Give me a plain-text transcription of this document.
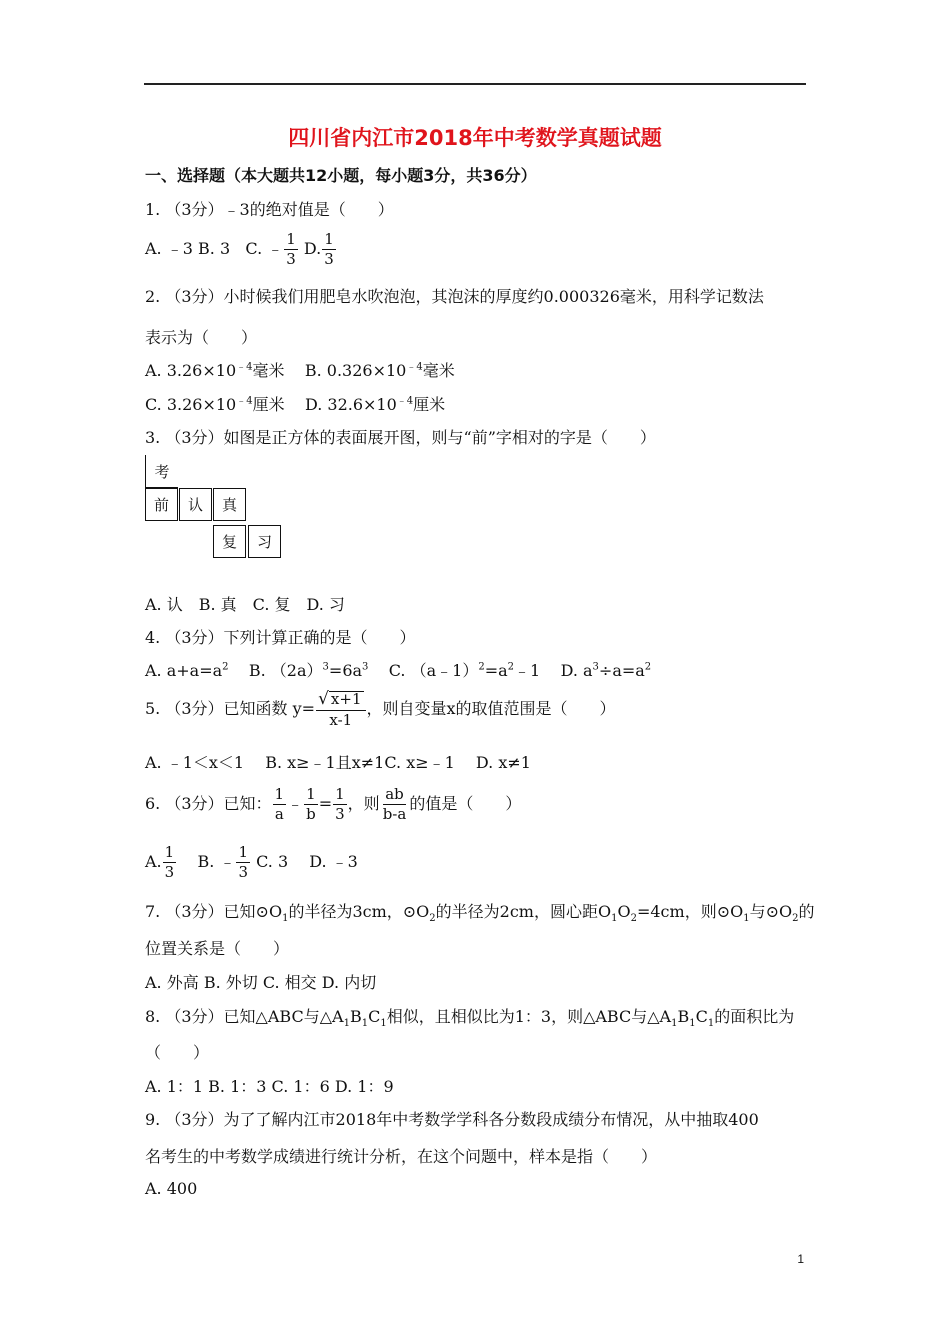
四川省内江市2018年中考数学真题试题
一、选择题（本大题共12小题，每小题3分，共36分）
1. （3分）﹣3的绝对值是（　　）
A. ﹣3 B. 3 C. ﹣ $\frac{1}{3} D$. $\frac{1}{3}$
2. （3分）小时候我们用肥皂水吹泡泡，其泡沫的厚度约0.000326毫米，用科学记数法
表示为（　　）
A. $3.26\times 10^{﹣4}$毫米 B. $0.326\times 10^{﹣4}$毫米
C. $3.26\times 10^{﹣4}$厘米 D. $32.6\times 10^{﹣4}$厘米
3. （3分）如图是正方体的表面展开图，则与“前”字相对的字是（　　）
考
前	认	真
复	习
A. 认　B. 真　C. 复　D. 习
4. （3分）下列计算正确的是（　　）
A. $a+a=a^2$ B. $(2a)^3=6a^3$ C. $(a﹣1)^2=a^2﹣1$ D. $a^3\div a=a^2$
5. （3分）已知函数 $y= \frac{√ x+1}{x-1}$ ，则自变量x的取值范围是（　　）
A. ﹣1＜x＜1　 B. x≥﹣1且x≠1C. x≥﹣1　 D. x≠1
6. （3分）已知： $\frac{1}{a}$ ﹣ $\frac{1}{b} = \frac{1}{3}$ ，则 $\frac{ab}{b-a}$ 的值是（　　）
A. $\frac{1}{3} B$. ﹣ $\frac{1}{3} C$. 3　 D. ﹣3
7. （3分）已知$⊙O_1$的半径为3cm，$⊙O_2$的半径为2cm，圆心距$O_1O_2=4cm$，则$⊙O_1$与$⊙O_2$的
位置关系是（　　）
A. 外高 B. 外切 C. 相交 D. 内切
8. （3分）已知△ABC与$\triangle A_1B_1C_1$相似，且相似比为1：3，则△ABC与$\triangle A_1B_1C_1$的面积比为
（　　）
A. 1：1 B. 1：3 C. 1：6 D. 1：9
9. （3分）为了了解内江市2018年中考数学学科各分数段成绩分布情况，从中抽取400
名考生的中考数学成绩进行统计分析，在这个问题中，样本是指（　　）
A. 400
1
